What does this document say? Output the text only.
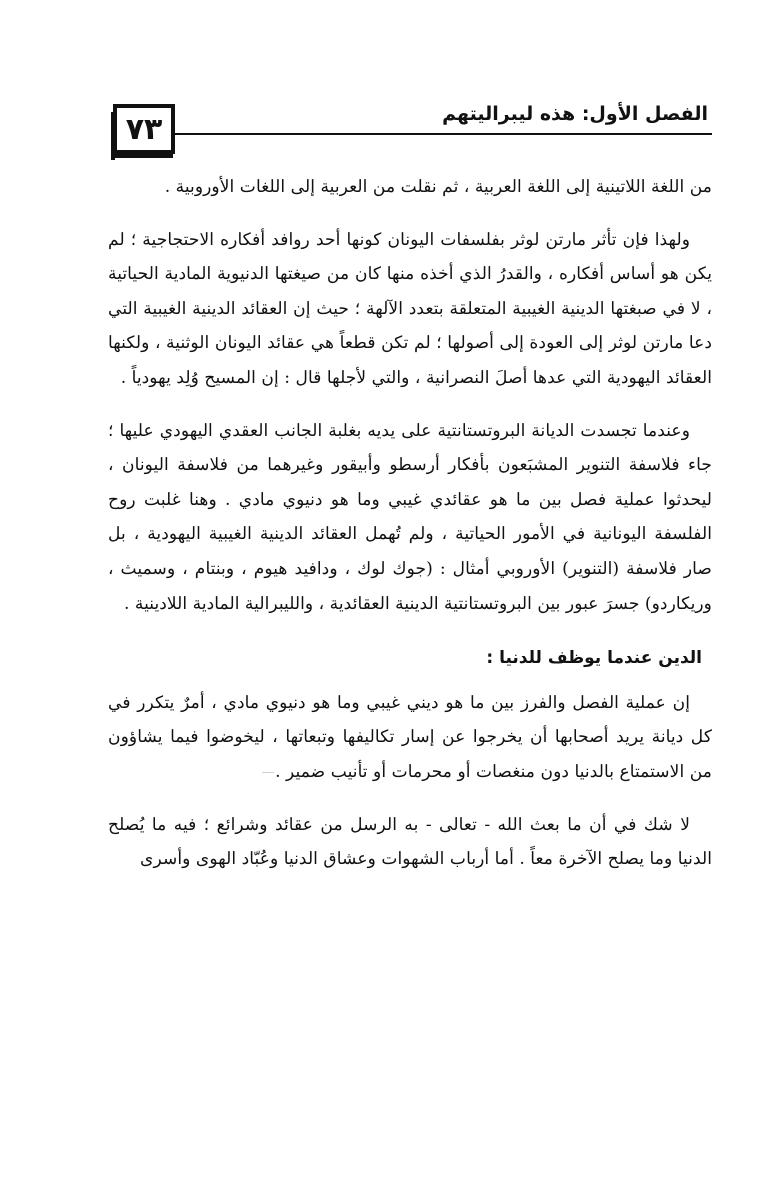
٧٣	الفصل الأول: هذه ليبراليتهم

من اللغة اللاتينية إلى اللغة العربية ، ثم نقلت من العربية إلى اللغات الأوروبية .

ولهذا فإن تأثر مارتن لوثر بفلسفات اليونان كونها أحد روافد أفكاره الاحتجاجية ؛ لم يكن هو أساس أفكاره ، والقدرُ الذي أخذه منها كان من صيغتها الدنيوية المادية الحياتية ، لا في صبغتها الدينية الغيبية المتعلقة بتعدد الآلهة ؛ حيث إن العقائد الدينية الغيبية التي دعا مارتن لوثر إلى العودة إلى أصولها ؛ لم تكن قطعاً هي عقائد اليونان الوثنية ، ولكنها العقائد اليهودية التي عدها أصلَ النصرانية ، والتي لأجلها قال : إن المسيح وُلِد يهودياً .

وعندما تجسدت الديانة البروتستانتية على يديه بغلبة الجانب العقدي اليهودي عليها ؛ جاء فلاسفة التنوير المشبَعون بأفكار أرسطو وأبيقور وغيرهما من فلاسفة اليونان ، ليحدثوا عملية فصل بين ما هو عقائدي غيبي وما هو دنيوي مادي . وهنا غلبت روح الفلسفة اليونانية في الأمور الحياتية ، ولم تُهمل العقائد الدينية الغيبية اليهودية ، بل صار فلاسفة (التنوير) الأوروبي أمثال : (جوك لوك ، ودافيد هيوم ، وبنتام ، وسميث ، وريكاردو) جسرَ عبور بين البروتستانتية الدينية العقائدية ، والليبرالية المادية اللادينية .

الدين عندما يوظف للدنيا :

إن عملية الفصل والفرز بين ما هو ديني غيبي وما هو دنيوي مادي ، أمرٌ يتكرر في كل ديانة يريد أصحابها أن يخرجوا عن إسار تكاليفها وتبعاتها ، ليخوضوا فيما يشاؤون من الاستمتاع بالدنيا دون منغصات أو محرمات أو تأنيب ضمير .

لا شك في أن ما بعث الله - تعالى - به الرسل من عقائد وشرائع ؛ فيه ما يُصلح الدنيا وما يصلح الآخرة معاً . أما أرباب الشهوات وعشاق الدنيا وعُبّاد الهوى وأسرى
